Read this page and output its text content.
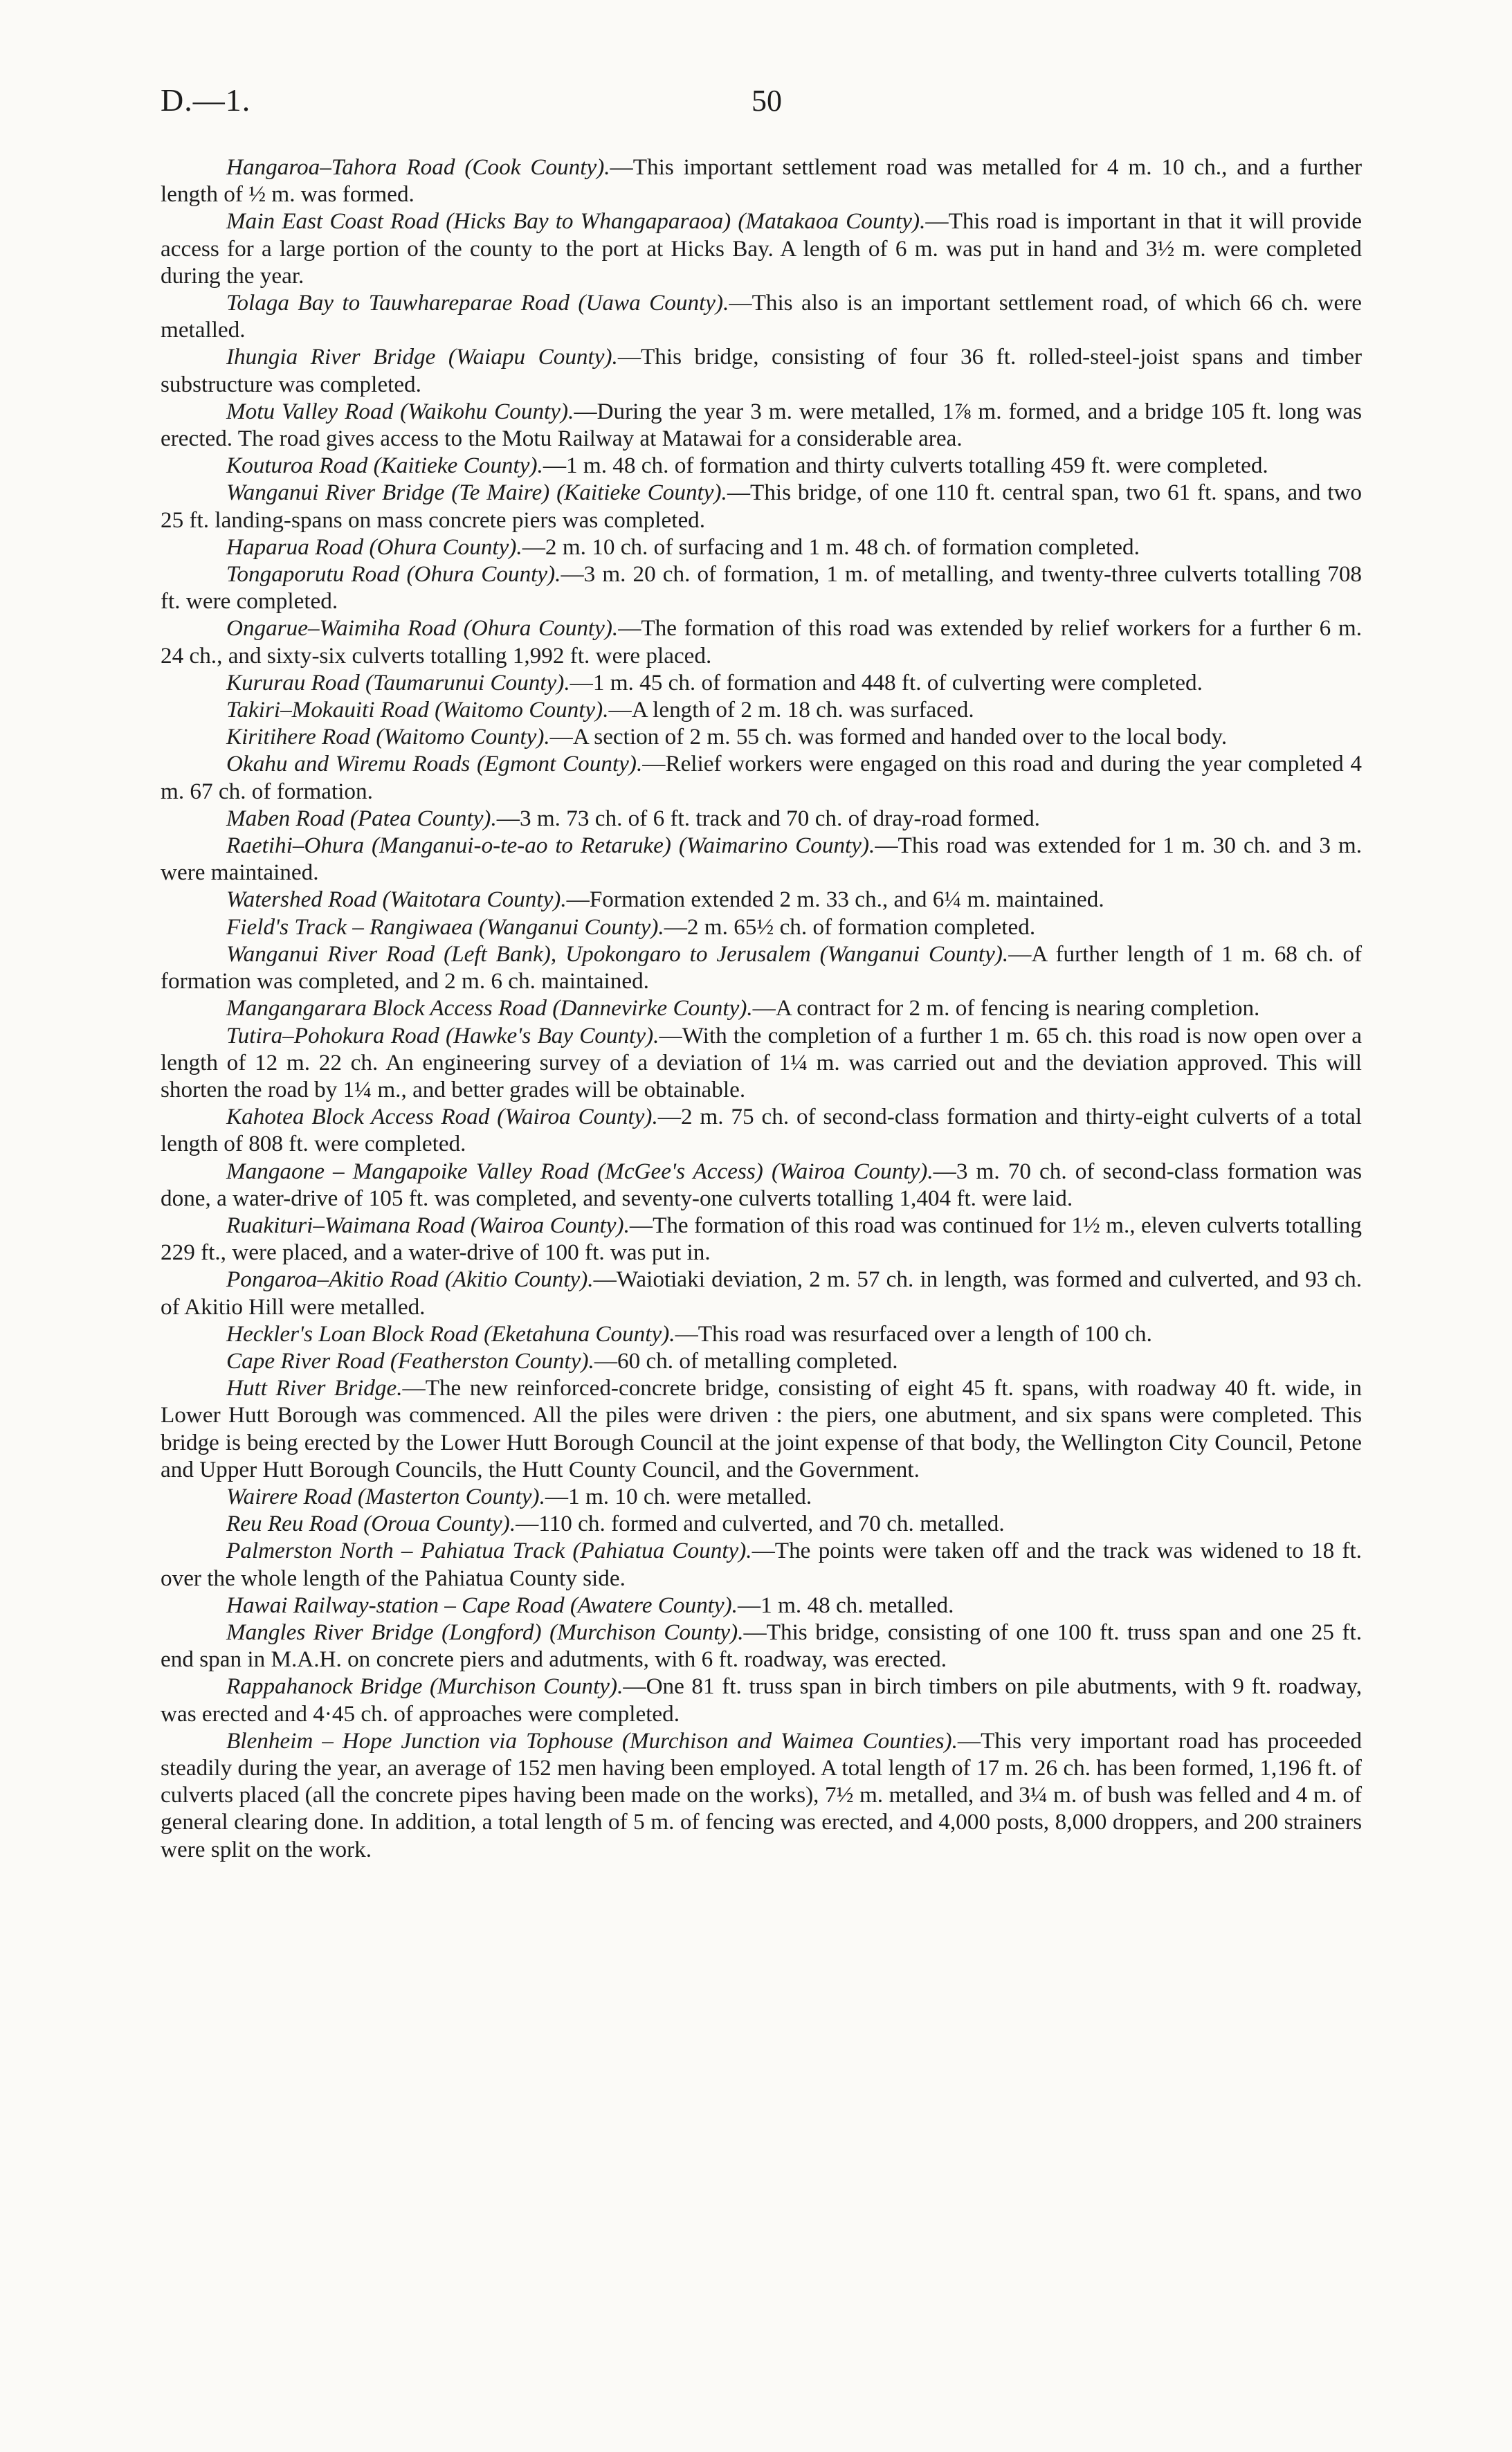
D.—1.	50

Hangaroa–Tahora Road (Cook County).—This important settlement road was metalled for 4 m. 10 ch., and a further length of ½ m. was formed.

Main East Coast Road (Hicks Bay to Whangaparaoa) (Matakaoa County).—This road is important in that it will provide access for a large portion of the county to the port at Hicks Bay. A length of 6 m. was put in hand and 3½ m. were completed during the year.

Tolaga Bay to Tauwhareparae Road (Uawa County).—This also is an important settlement road, of which 66 ch. were metalled.

Ihungia River Bridge (Waiapu County).—This bridge, consisting of four 36 ft. rolled-steel-joist spans and timber substructure was completed.

Motu Valley Road (Waikohu County).—During the year 3 m. were metalled, 1⅞ m. formed, and a bridge 105 ft. long was erected. The road gives access to the Motu Railway at Matawai for a considerable area.

Kouturoa Road (Kaitieke County).—1 m. 48 ch. of formation and thirty culverts totalling 459 ft. were completed.

Wanganui River Bridge (Te Maire) (Kaitieke County).—This bridge, of one 110 ft. central span, two 61 ft. spans, and two 25 ft. landing-spans on mass concrete piers was completed.

Haparua Road (Ohura County).—2 m. 10 ch. of surfacing and 1 m. 48 ch. of formation completed.

Tongaporutu Road (Ohura County).—3 m. 20 ch. of formation, 1 m. of metalling, and twenty-three culverts totalling 708 ft. were completed.

Ongarue–Waimiha Road (Ohura County).—The formation of this road was extended by relief workers for a further 6 m. 24 ch., and sixty-six culverts totalling 1,992 ft. were placed.

Kururau Road (Taumarunui County).—1 m. 45 ch. of formation and 448 ft. of culverting were completed.

Takiri–Mokauiti Road (Waitomo County).—A length of 2 m. 18 ch. was surfaced.

Kiritihere Road (Waitomo County).—A section of 2 m. 55 ch. was formed and handed over to the local body.

Okahu and Wiremu Roads (Egmont County).—Relief workers were engaged on this road and during the year completed 4 m. 67 ch. of formation.

Maben Road (Patea County).—3 m. 73 ch. of 6 ft. track and 70 ch. of dray-road formed.

Raetihi–Ohura (Manganui-o-te-ao to Retaruke) (Waimarino County).—This road was extended for 1 m. 30 ch. and 3 m. were maintained.

Watershed Road (Waitotara County).—Formation extended 2 m. 33 ch., and 6¼ m. maintained.

Field's Track – Rangiwaea (Wanganui County).—2 m. 65½ ch. of formation completed.

Wanganui River Road (Left Bank), Upokongaro to Jerusalem (Wanganui County).—A further length of 1 m. 68 ch. of formation was completed, and 2 m. 6 ch. maintained.

Mangangarara Block Access Road (Dannevirke County).—A contract for 2 m. of fencing is nearing completion.

Tutira–Pohokura Road (Hawke's Bay County).—With the completion of a further 1 m. 65 ch. this road is now open over a length of 12 m. 22 ch. An engineering survey of a deviation of 1¼ m. was carried out and the deviation approved. This will shorten the road by 1¼ m., and better grades will be obtainable.

Kahotea Block Access Road (Wairoa County).—2 m. 75 ch. of second-class formation and thirty-eight culverts of a total length of 808 ft. were completed.

Mangaone – Mangapoike Valley Road (McGee's Access) (Wairoa County).—3 m. 70 ch. of second-class formation was done, a water-drive of 105 ft. was completed, and seventy-one culverts totalling 1,404 ft. were laid.

Ruakituri–Waimana Road (Wairoa County).—The formation of this road was continued for 1½ m., eleven culverts totalling 229 ft., were placed, and a water-drive of 100 ft. was put in.

Pongaroa–Akitio Road (Akitio County).—Waiotiaki deviation, 2 m. 57 ch. in length, was formed and culverted, and 93 ch. of Akitio Hill were metalled.

Heckler's Loan Block Road (Eketahuna County).—This road was resurfaced over a length of 100 ch.

Cape River Road (Featherston County).—60 ch. of metalling completed.

Hutt River Bridge.—The new reinforced-concrete bridge, consisting of eight 45 ft. spans, with roadway 40 ft. wide, in Lower Hutt Borough was commenced. All the piles were driven : the piers, one abutment, and six spans were completed. This bridge is being erected by the Lower Hutt Borough Council at the joint expense of that body, the Wellington City Council, Petone and Upper Hutt Borough Councils, the Hutt County Council, and the Government.

Wairere Road (Masterton County).—1 m. 10 ch. were metalled.

Reu Reu Road (Oroua County).—110 ch. formed and culverted, and 70 ch. metalled.

Palmerston North – Pahiatua Track (Pahiatua County).—The points were taken off and the track was widened to 18 ft. over the whole length of the Pahiatua County side.

Hawai Railway-station – Cape Road (Awatere County).—1 m. 48 ch. metalled.

Mangles River Bridge (Longford) (Murchison County).—This bridge, consisting of one 100 ft. truss span and one 25 ft. end span in M.A.H. on concrete piers and adutments, with 6 ft. roadway, was erected.

Rappahanock Bridge (Murchison County).—One 81 ft. truss span in birch timbers on pile abutments, with 9 ft. roadway, was erected and 4·45 ch. of approaches were completed.

Blenheim – Hope Junction via Tophouse (Murchison and Waimea Counties).—This very important road has proceeded steadily during the year, an average of 152 men having been employed. A total length of 17 m. 26 ch. has been formed, 1,196 ft. of culverts placed (all the concrete pipes having been made on the works), 7½ m. metalled, and 3¼ m. of bush was felled and 4 m. of general clearing done. In addition, a total length of 5 m. of fencing was erected, and 4,000 posts, 8,000 droppers, and 200 strainers were split on the work.
